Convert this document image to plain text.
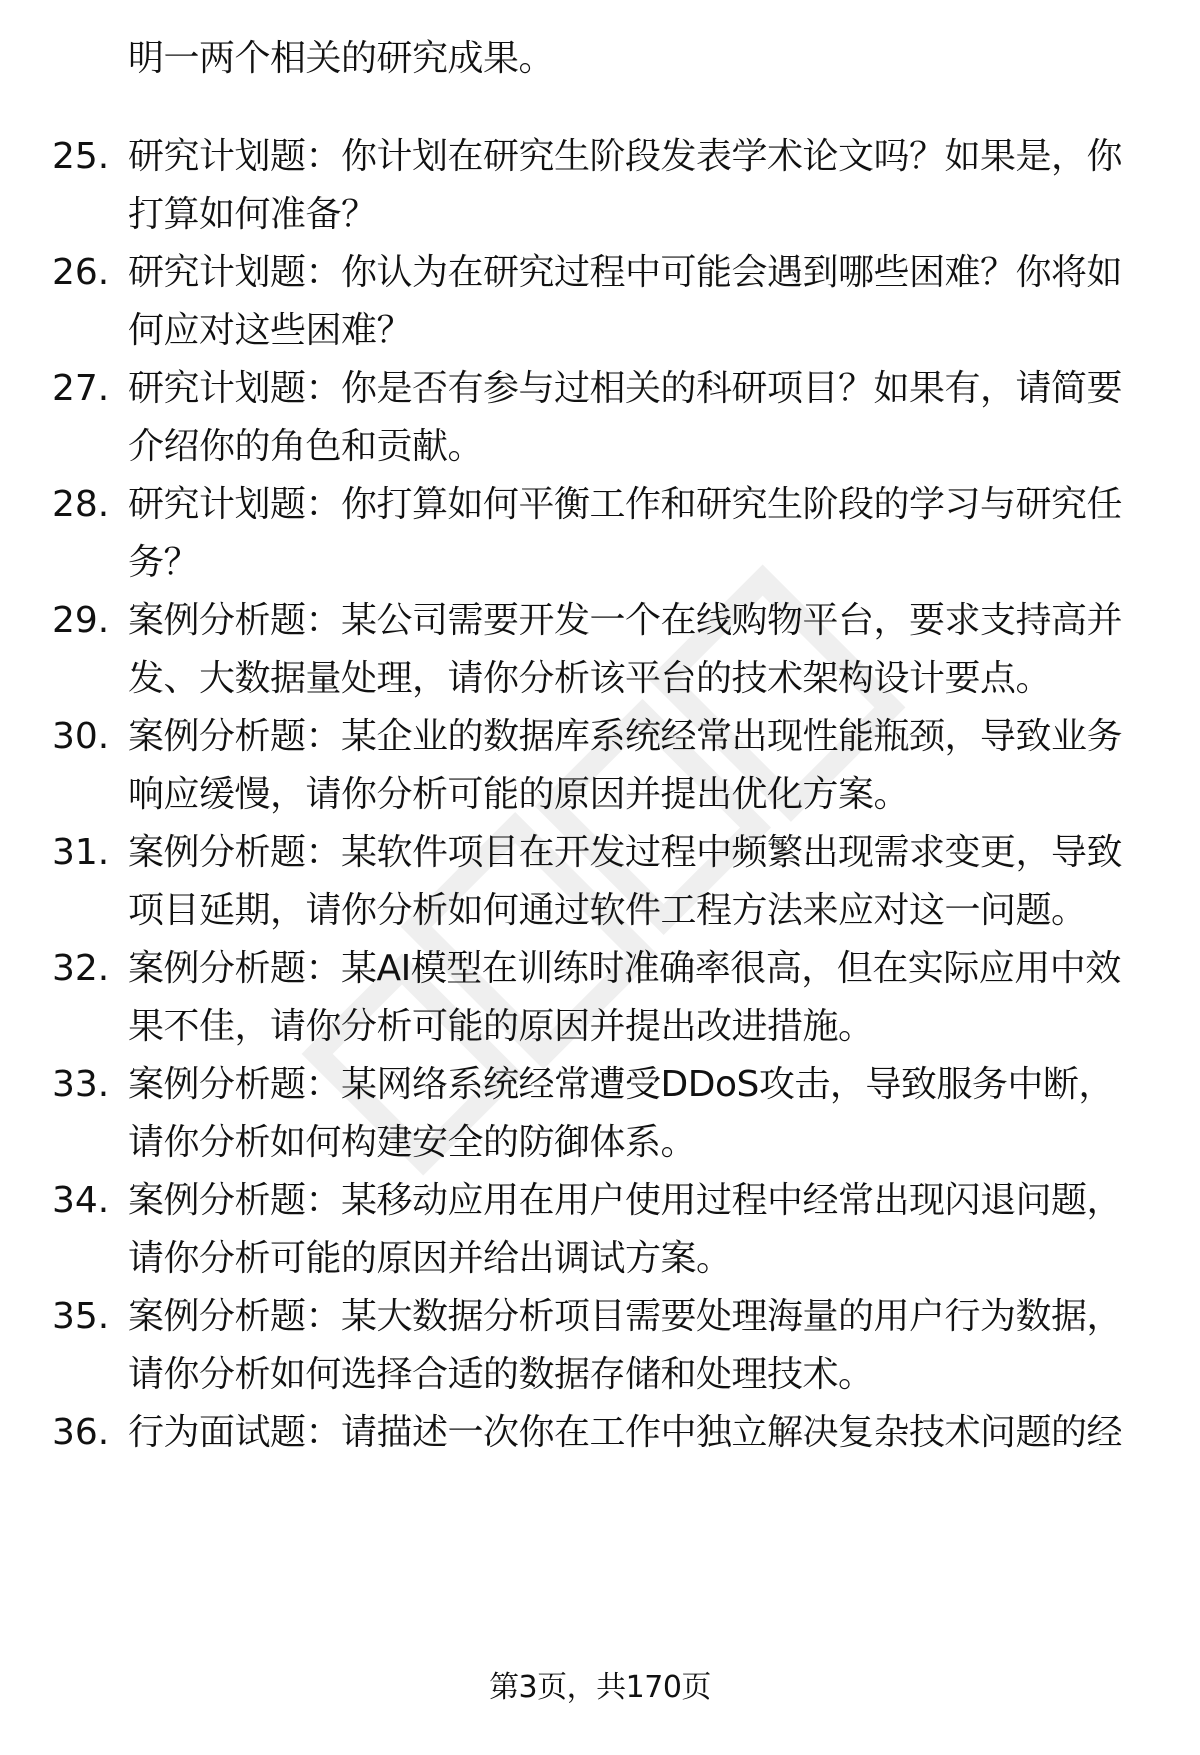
明一两个相关的研究成果。
25. 研究计划题：你计划在研究生阶段发表学术论文吗？如果是，你打算如何准备？
26. 研究计划题：你认为在研究过程中可能会遇到哪些困难？你将如何应对这些困难？
27. 研究计划题：你是否有参与过相关的科研项目？如果有，请简要介绍你的角色和贡献。
28. 研究计划题：你打算如何平衡工作和研究生阶段的学习与研究任务？
29. 案例分析题：某公司需要开发一个在线购物平台，要求支持高并发、大数据量处理，请你分析该平台的技术架构设计要点。
30. 案例分析题：某企业的数据库系统经常出现性能瓶颈，导致业务响应缓慢，请你分析可能的原因并提出优化方案。
31. 案例分析题：某软件项目在开发过程中频繁出现需求变更，导致项目延期，请你分析如何通过软件工程方法来应对这一问题。
32. 案例分析题：某AI模型在训练时准确率很高，但在实际应用中效果不佳，请你分析可能的原因并提出改进措施。
33. 案例分析题：某网络系统经常遭受DDoS攻击，导致服务中断，请你分析如何构建安全的防御体系。
34. 案例分析题：某移动应用在用户使用过程中经常出现闪退问题，请你分析可能的原因并给出调试方案。
35. 案例分析题：某大数据分析项目需要处理海量的用户行为数据，请你分析如何选择合适的数据存储和处理技术。
36. 行为面试题：请描述一次你在工作中独立解决复杂技术问题的经
第3页，共170页
